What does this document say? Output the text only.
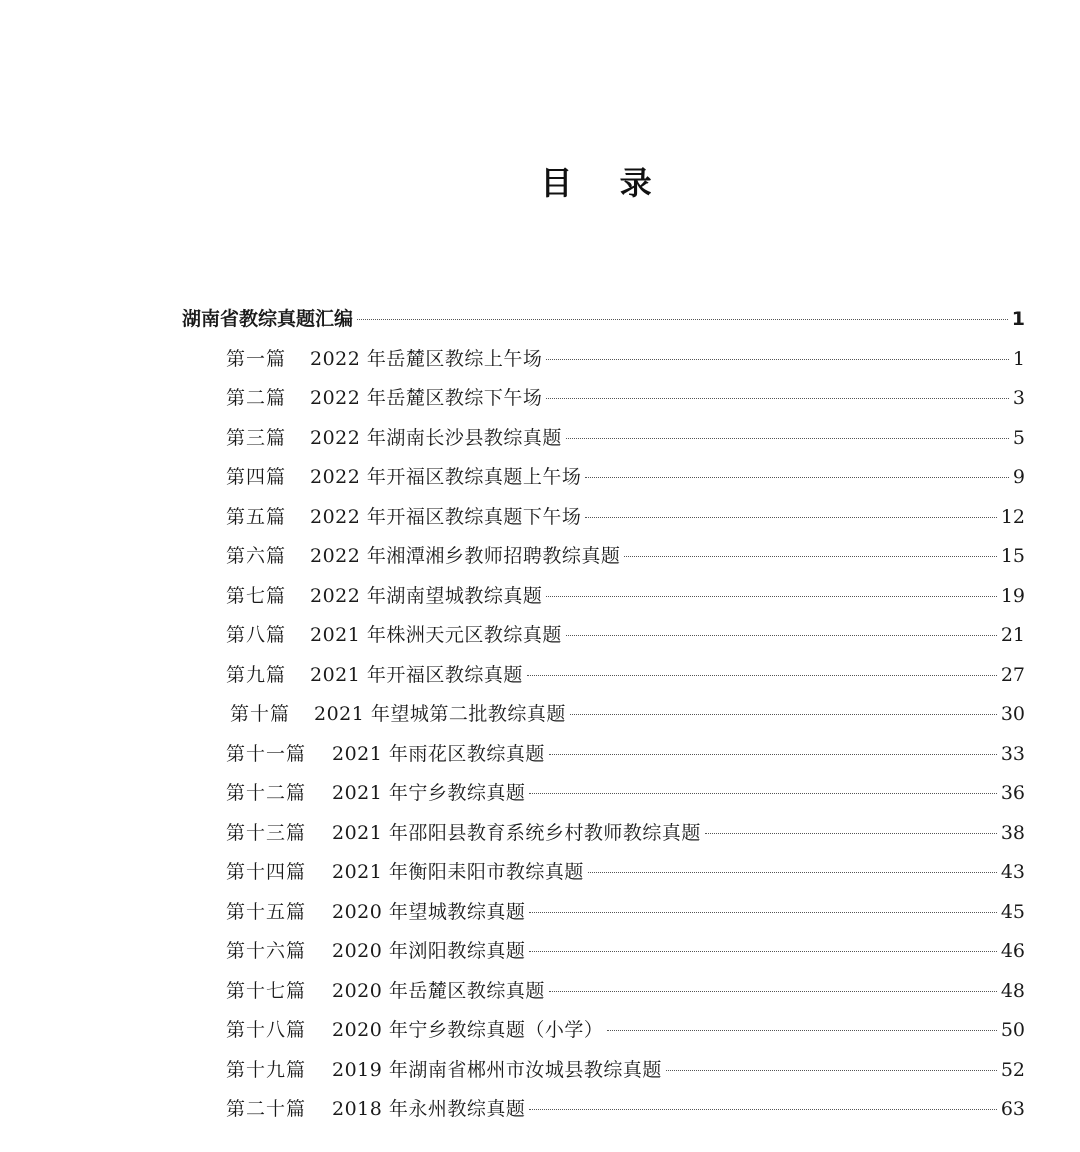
目 录
湖南省教综真题汇编	1
第一篇	2022 年岳麓区教综上午场	1
第二篇	2022 年岳麓区教综下午场	3
第三篇	2022 年湖南长沙县教综真题	5
第四篇	2022 年开福区教综真题上午场	9
第五篇	2022 年开福区教综真题下午场	12
第六篇	2022 年湘潭湘乡教师招聘教综真题	15
第七篇	2022 年湖南望城教综真题	19
第八篇	2021 年株洲天元区教综真题	21
第九篇	2021 年开福区教综真题	27
第十篇	2021 年望城第二批教综真题	30
第十一篇	2021 年雨花区教综真题	33
第十二篇	2021 年宁乡教综真题	36
第十三篇	2021 年邵阳县教育系统乡村教师教综真题	38
第十四篇	2021 年衡阳耒阳市教综真题	43
第十五篇	2020 年望城教综真题	45
第十六篇	2020 年浏阳教综真题	46
第十七篇	2020 年岳麓区教综真题	48
第十八篇	2020 年宁乡教综真题（小学）	50
第十九篇	2019 年湖南省郴州市汝城县教综真题	52
第二十篇	2018 年永州教综真题	63
